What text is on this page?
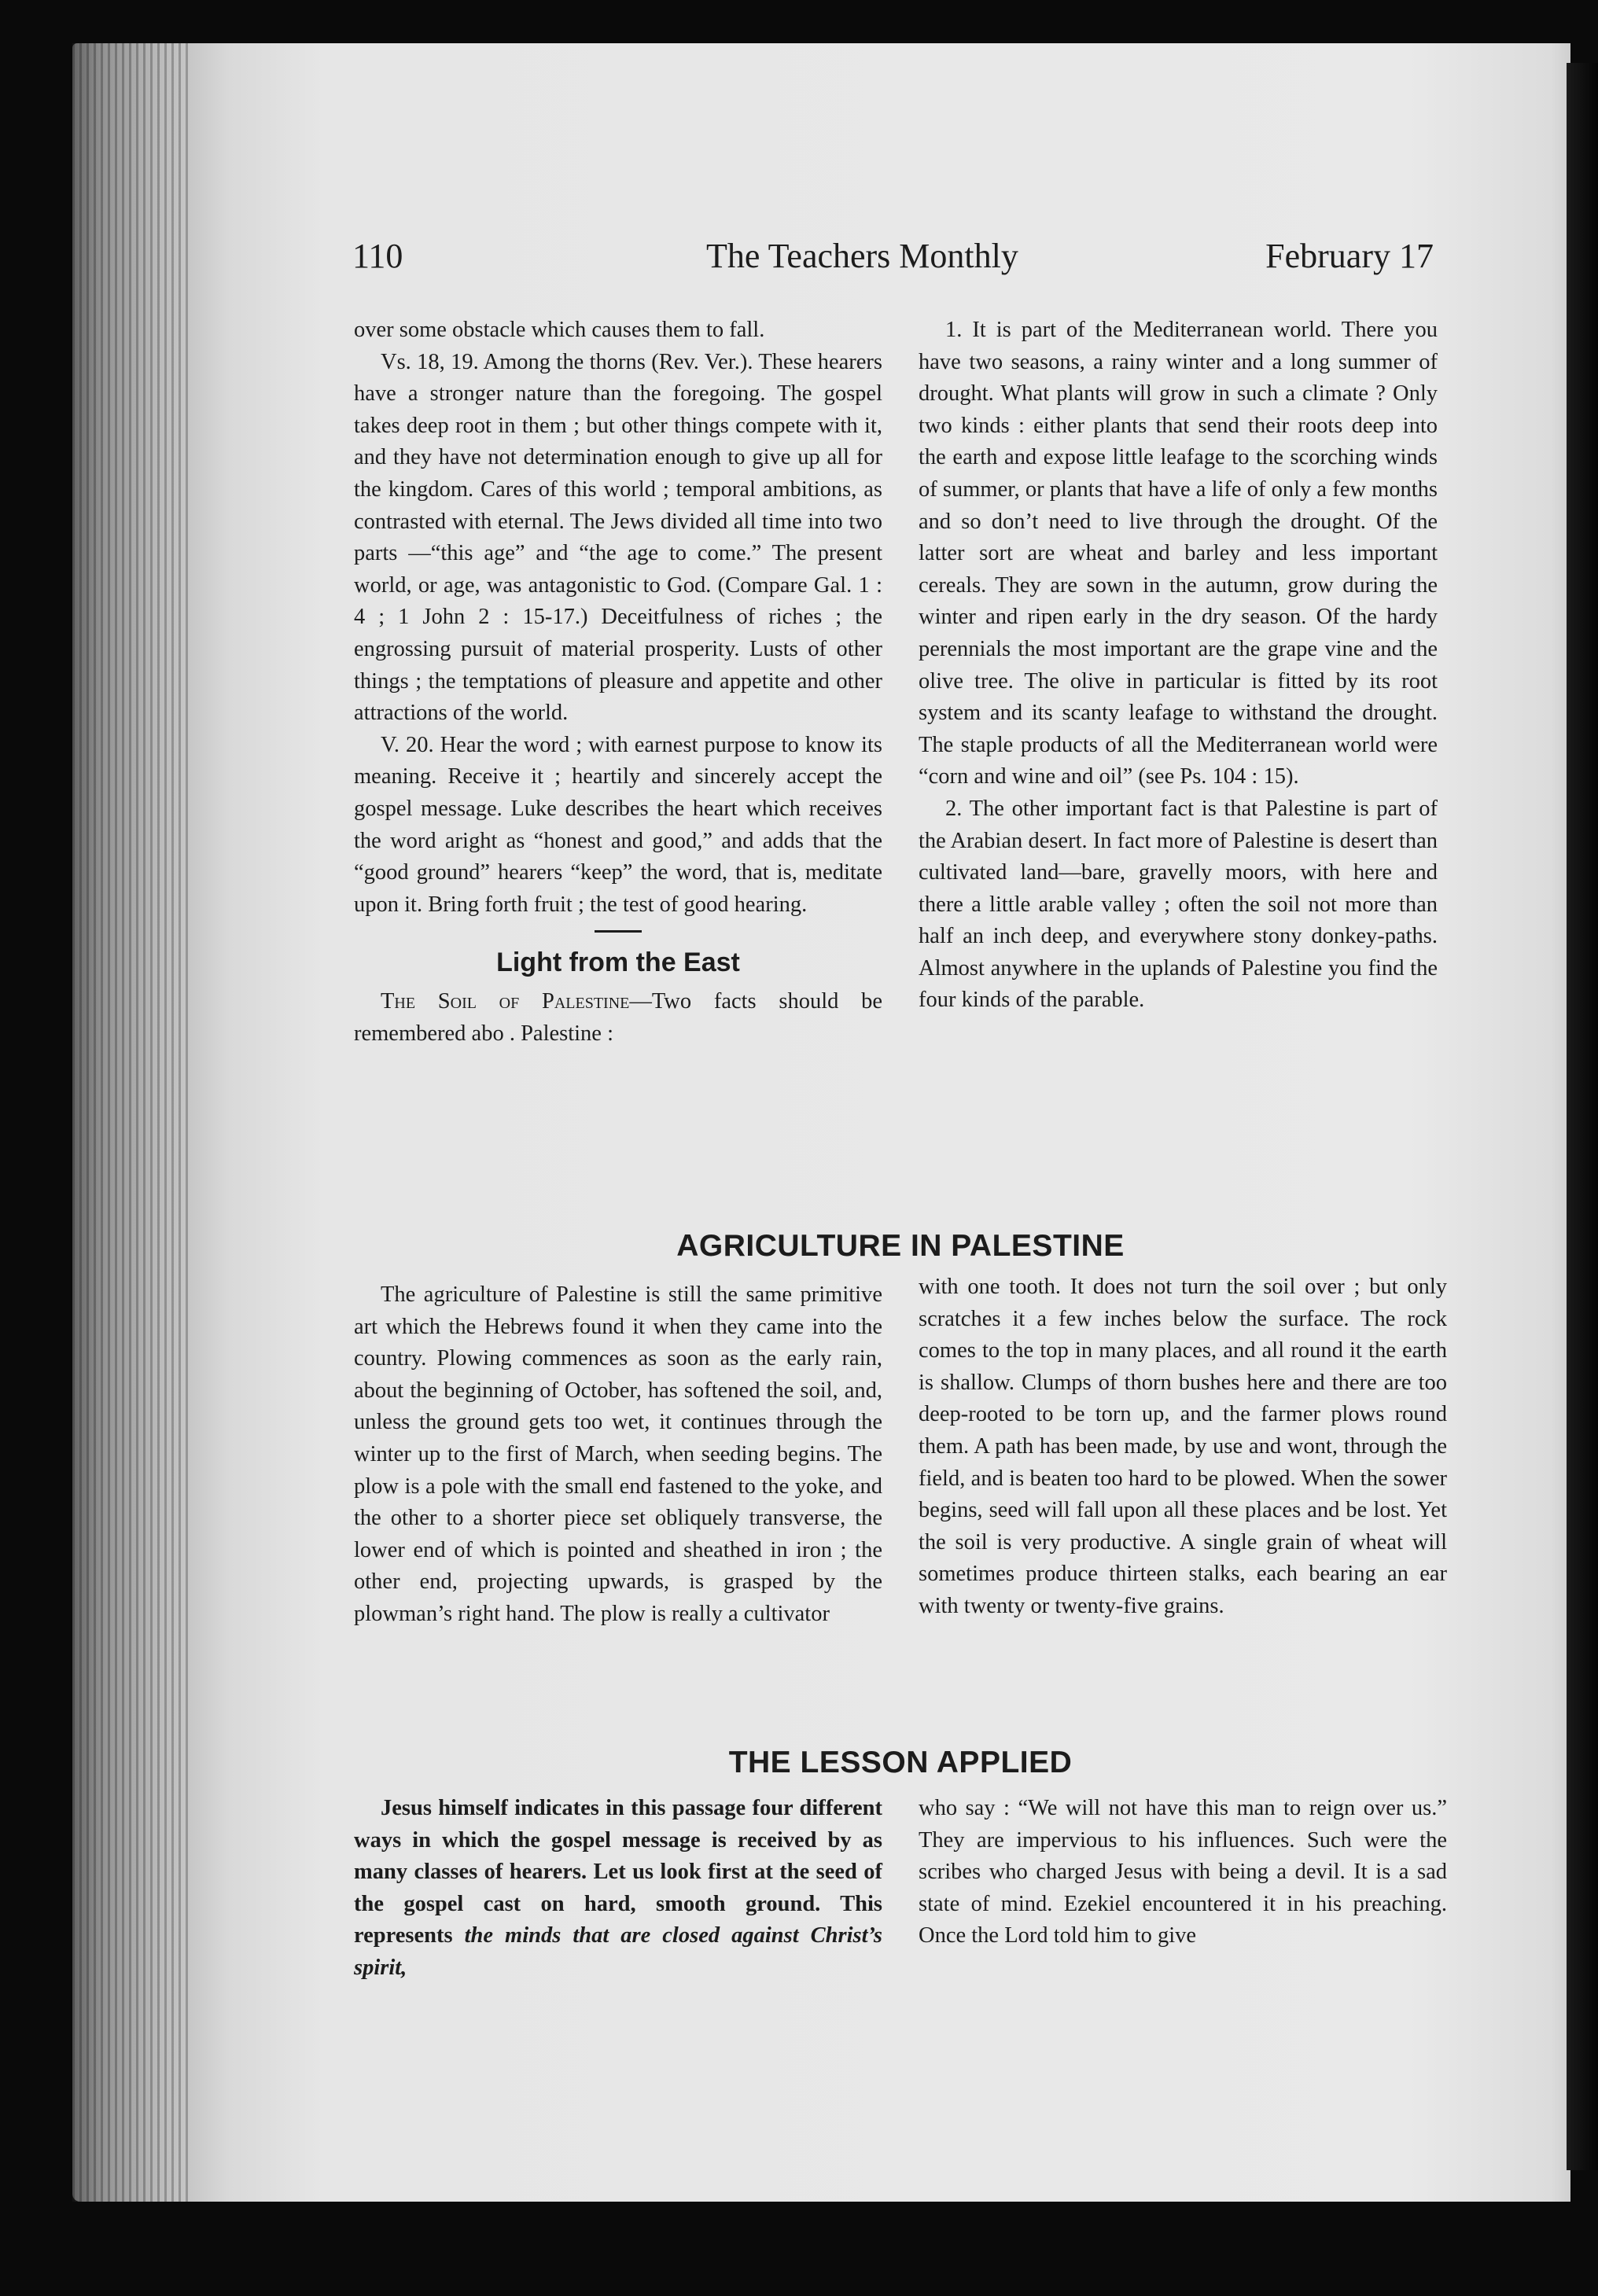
110	The Teachers Monthly	February 17

over some obstacle which causes them to fall.

Vs. 18, 19. Among the thorns (Rev. Ver.). These hearers have a stronger nature than the foregoing. The gospel takes deep root in them ; but other things compete with it, and they have not determination enough to give up all for the kingdom. Cares of this world ; temporal ambitions, as contrasted with eternal. The Jews divided all time into two parts —“this age” and “the age to come.” The present world, or age, was antagonistic to God. (Compare Gal. 1 : 4 ; 1 John 2 : 15-17.) Deceitfulness of riches ; the engrossing pursuit of material prosperity. Lusts of other things ; the temptations of pleasure and appetite and other attractions of the world.

V. 20. Hear the word ; with earnest purpose to know its meaning. Receive it ; heartily and sincerely accept the gospel message. Luke describes the heart which receives the word aright as “honest and good,” and adds that the “good ground” hearers “keep” the word, that is, meditate upon it. Bring forth fruit ; the test of good hearing.

Light from the East

The Soil of Palestine—Two facts should be remembered abo . Palestine :

1. It is part of the Mediterranean world. There you have two seasons, a rainy winter and a long summer of drought. What plants will grow in such a climate ? Only two kinds : either plants that send their roots deep into the earth and expose little leafage to the scorching winds of summer, or plants that have a life of only a few months and so don’t need to live through the drought. Of the latter sort are wheat and barley and less important cereals. They are sown in the autumn, grow during the winter and ripen early in the dry season. Of the hardy perennials the most important are the grape vine and the olive tree. The olive in particular is fitted by its root system and its scanty leafage to withstand the drought. The staple products of all the Mediterranean world were “corn and wine and oil” (see Ps. 104 : 15).

2. The other important fact is that Palestine is part of the Arabian desert. In fact more of Palestine is desert than cultivated land—bare, gravelly moors, with here and there a little arable valley ; often the soil not more than half an inch deep, and everywhere stony donkey-paths. Almost anywhere in the uplands of Palestine you find the four kinds of the parable.

AGRICULTURE IN PALESTINE

The agriculture of Palestine is still the same primitive art which the Hebrews found it when they came into the country. Plowing commences as soon as the early rain, about the beginning of October, has softened the soil, and, unless the ground gets too wet, it continues through the winter up to the first of March, when seeding begins. The plow is a pole with the small end fastened to the yoke, and the other to a shorter piece set obliquely transverse, the lower end of which is pointed and sheathed in iron ; the other end, projecting upwards, is grasped by the plowman’s right hand. The plow is really a cultivator

with one tooth. It does not turn the soil over ; but only scratches it a few inches below the surface. The rock comes to the top in many places, and all round it the earth is shallow. Clumps of thorn bushes here and there are too deep-rooted to be torn up, and the farmer plows round them. A path has been made, by use and wont, through the field, and is beaten too hard to be plowed. When the sower begins, seed will fall upon all these places and be lost. Yet the soil is very productive. A single grain of wheat will sometimes produce thirteen stalks, each bearing an ear with twenty or twenty-five grains.

THE LESSON APPLIED

Jesus himself indicates in this passage four different ways in which the gospel message is received by as many classes of hearers. Let us look first at the seed of the gospel cast on hard, smooth ground. This represents the minds that are closed against Christ’s spirit,

who say : “We will not have this man to reign over us.” They are impervious to his influences. Such were the scribes who charged Jesus with being a devil. It is a sad state of mind. Ezekiel encountered it in his preaching. Once the Lord told him to give
